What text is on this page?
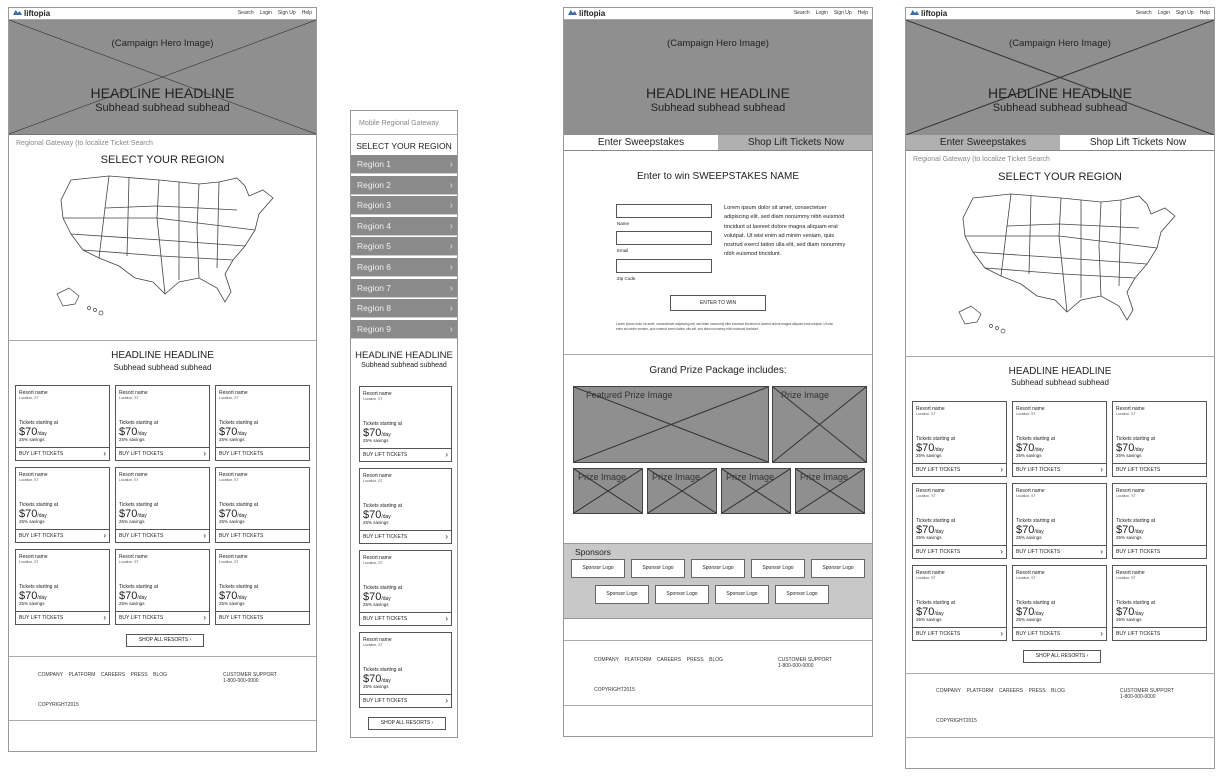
liftopia	Search Login Sign Up Help
(Campaign Hero Image)
HEADLINE HEADLINE
Subhead subhead subhead
Regional Gateway (to localize Ticket Search
SELECT YOUR REGION
HEADLINE HEADLINE
Subhead subhead subhead
SHOP ALL RESORTS ›
COMPANY PLATFORM CAREERS PRESS BLOG	CUSTOMER SUPPORT
1-800-000-0000
COPYRIGHT2015
Resort name
Location, ST
Tickets starting at
$70/day
25% savings
BUY LIFT TICKETS	›
Resort name
Location, ST
Tickets starting at
$70/day
25% savings
BUY LIFT TICKETS	›
Resort name
Location, ST
Tickets starting at
$70/day
25% savings
BUY LIFT TICKETS
Resort name
Location, ST
Tickets starting at
$70/day
25% savings
BUY LIFT TICKETS	›
Resort name
Location, ST
Tickets starting at
$70/day
25% savings
BUY LIFT TICKETS	›
Resort name
Location, ST
Tickets starting at
$70/day
25% savings
BUY LIFT TICKETS
Resort name
Location, ST
Tickets starting at
$70/day
25% savings
BUY LIFT TICKETS	›
Resort name
Location, ST
Tickets starting at
$70/day
25% savings
BUY LIFT TICKETS	›
Resort name
Location, ST
Tickets starting at
$70/day
25% savings
BUY LIFT TICKETS
Mobile Regional Gateway
SELECT YOUR REGION
Region 1	›
Region 2	›
Region 3	›
Region 4	›
Region 5	›
Region 6	›
Region 7	›
Region 8	›
Region 9	›
HEADLINE HEADLINE
Subhead subhead subhead
SHOP ALL RESORTS ›
Resort name
Location, ST
Tickets starting at
$70/day
25% savings
BUY LIFT TICKETS	›
Resort name
Location, ST
Tickets starting at
$70/day
25% savings
BUY LIFT TICKETS	›
Resort name
Location, ST
Tickets starting at
$70/day
25% savings
BUY LIFT TICKETS	›
Resort name
Location, ST
Tickets starting at
$70/day
25% savings
BUY LIFT TICKETS	›
liftopia	Search Login Sign Up Help
(Campaign Hero Image)
HEADLINE HEADLINE
Subhead subhead subhead
Enter Sweepstakes	Shop Lift Tickets Now
Enter to win SWEEPSTAKES NAME
Name
Email
Zip Code
Lorem ipsum dolor sit amet, consectetuer adipiscing elit, sed diam nonummy nibh euismod tincidunt ut laoreet dolore magna aliquam erat volutpat. Ut wisi enim ad minim veniam, quis nostrud exerci tation ulla elit, sed diam nonummy nibh euismod tincidunt.
ENTER TO WIN
Lorem ipsum dolor sit amet, consectetuer adipiscing elit, sed diam nonummy nibh euismod tincidunt ut laoreet dolore magna aliquam erat volutpat. Ut wisi enim ad minim veniam, quis nostrud exerci tation ulla elit, sed diam nonummy nibh euismod tincidunt.
Grand Prize Package includes:
Featured Prize Image	Prize Image
Sponsors
Sponsor Logo	Sponsor Logo	Sponsor Logo	Sponsor Logo	Sponsor Logo
Sponsor Logo	Sponsor Logo	Sponsor Logo	Sponsor Logo
COMPANY PLATFORM CAREERS PRESS BLOG	CUSTOMER SUPPORT
1-800-000-0000
COPYRIGHT2015
Prize Image	Prize Image	Prize Image	Prize Image
liftopia	Search Login Sign Up Help
(Campaign Hero Image)
HEADLINE HEADLINE
Subhead subhead subhead
Enter Sweepstakes	Shop Lift Tickets Now
Regional Gateway (to localize Ticket Search
SELECT YOUR REGION
HEADLINE HEADLINE
Subhead subhead subhead
SHOP ALL RESORTS ›
COMPANY PLATFORM CAREERS PRESS BLOG	CUSTOMER SUPPORT
1-800-000-0000
COPYRIGHT2015
Resort name
Location, ST
Tickets starting at
$70/day
25% savings
BUY LIFT TICKETS	›
Resort name
Location, ST
Tickets starting at
$70/day
25% savings
BUY LIFT TICKETS	›
Resort name
Location, ST
Tickets starting at
$70/day
25% savings
BUY LIFT TICKETS
Resort name
Location, ST
Tickets starting at
$70/day
25% savings
BUY LIFT TICKETS	›
Resort name
Location, ST
Tickets starting at
$70/day
25% savings
BUY LIFT TICKETS	›
Resort name
Location, ST
Tickets starting at
$70/day
25% savings
BUY LIFT TICKETS
Resort name
Location, ST
Tickets starting at
$70/day
25% savings
BUY LIFT TICKETS	›
Resort name
Location, ST
Tickets starting at
$70/day
25% savings
BUY LIFT TICKETS	›
Resort name
Location, ST
Tickets starting at
$70/day
25% savings
BUY LIFT TICKETS
